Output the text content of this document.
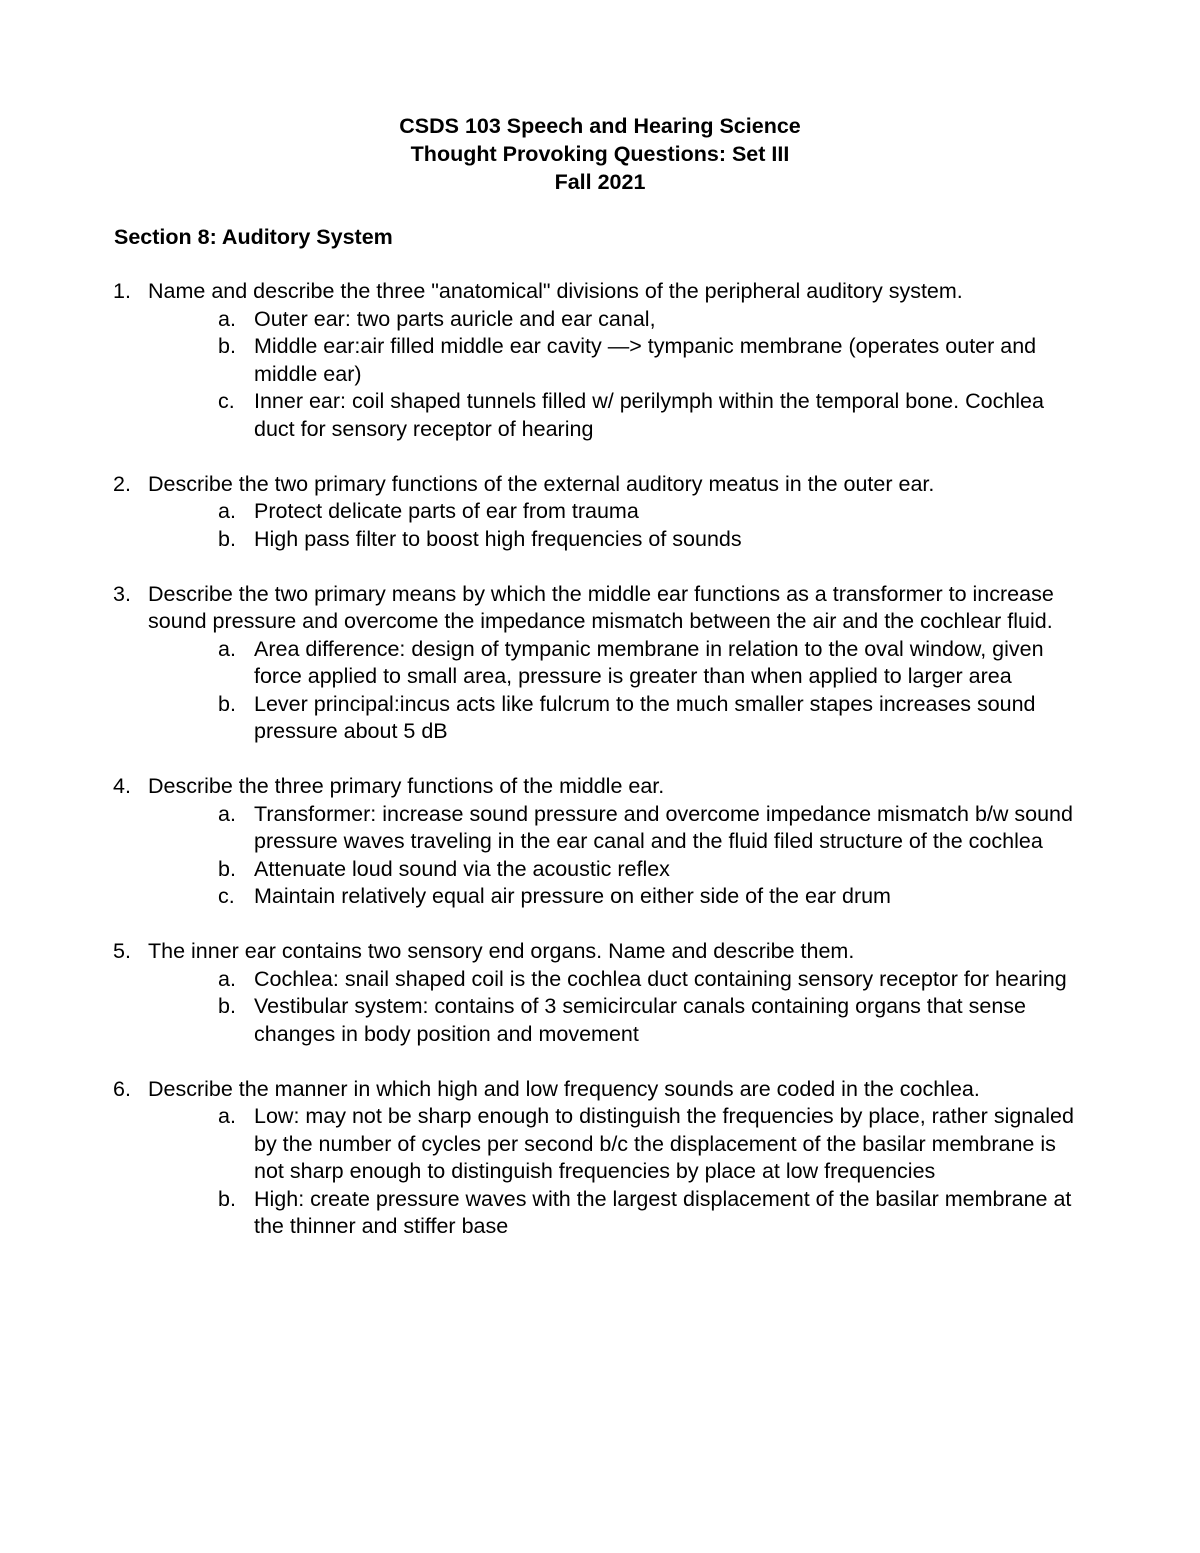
CSDS 103 Speech and Hearing Science
Thought Provoking Questions: Set III
Fall 2021
Section 8: Auditory System
1. Name and describe the three "anatomical" divisions of the peripheral auditory system.
a. Outer ear: two parts auricle and ear canal,
b. Middle ear:air filled middle ear cavity —> tympanic membrane (operates outer and middle ear)
c. Inner ear: coil shaped tunnels filled w/ perilymph within the temporal bone. Cochlea duct for sensory receptor of hearing
2. Describe the two primary functions of the external auditory meatus in the outer ear.
a. Protect delicate parts of ear from trauma
b. High pass filter to boost high frequencies of sounds
3. Describe the two primary means by which the middle ear functions as a transformer to increase sound pressure and overcome the impedance mismatch between the air and the cochlear fluid.
a. Area difference: design of tympanic membrane in relation to the oval window, given force applied to small area, pressure is greater than when applied to larger area
b. Lever principal:incus acts like fulcrum to the much smaller stapes increases sound pressure about 5 dB
4. Describe the three primary functions of the middle ear.
a. Transformer: increase sound pressure and overcome impedance mismatch b/w sound pressure waves traveling in the ear canal and the fluid filed structure of the cochlea
b. Attenuate loud sound via the acoustic reflex
c. Maintain relatively equal air pressure on either side of the ear drum
5. The inner ear contains two sensory end organs. Name and describe them.
a. Cochlea: snail shaped coil is the cochlea duct containing sensory receptor for hearing
b. Vestibular system: contains of 3 semicircular canals containing organs that sense changes in body position and movement
6. Describe the manner in which high and low frequency sounds are coded in the cochlea.
a. Low: may not be sharp enough to distinguish the frequencies by place, rather signaled by the number of cycles per second b/c the displacement of the basilar membrane is not sharp enough to distinguish frequencies by place at low frequencies
b. High: create pressure waves with the largest displacement of the basilar membrane at the thinner and stiffer base
